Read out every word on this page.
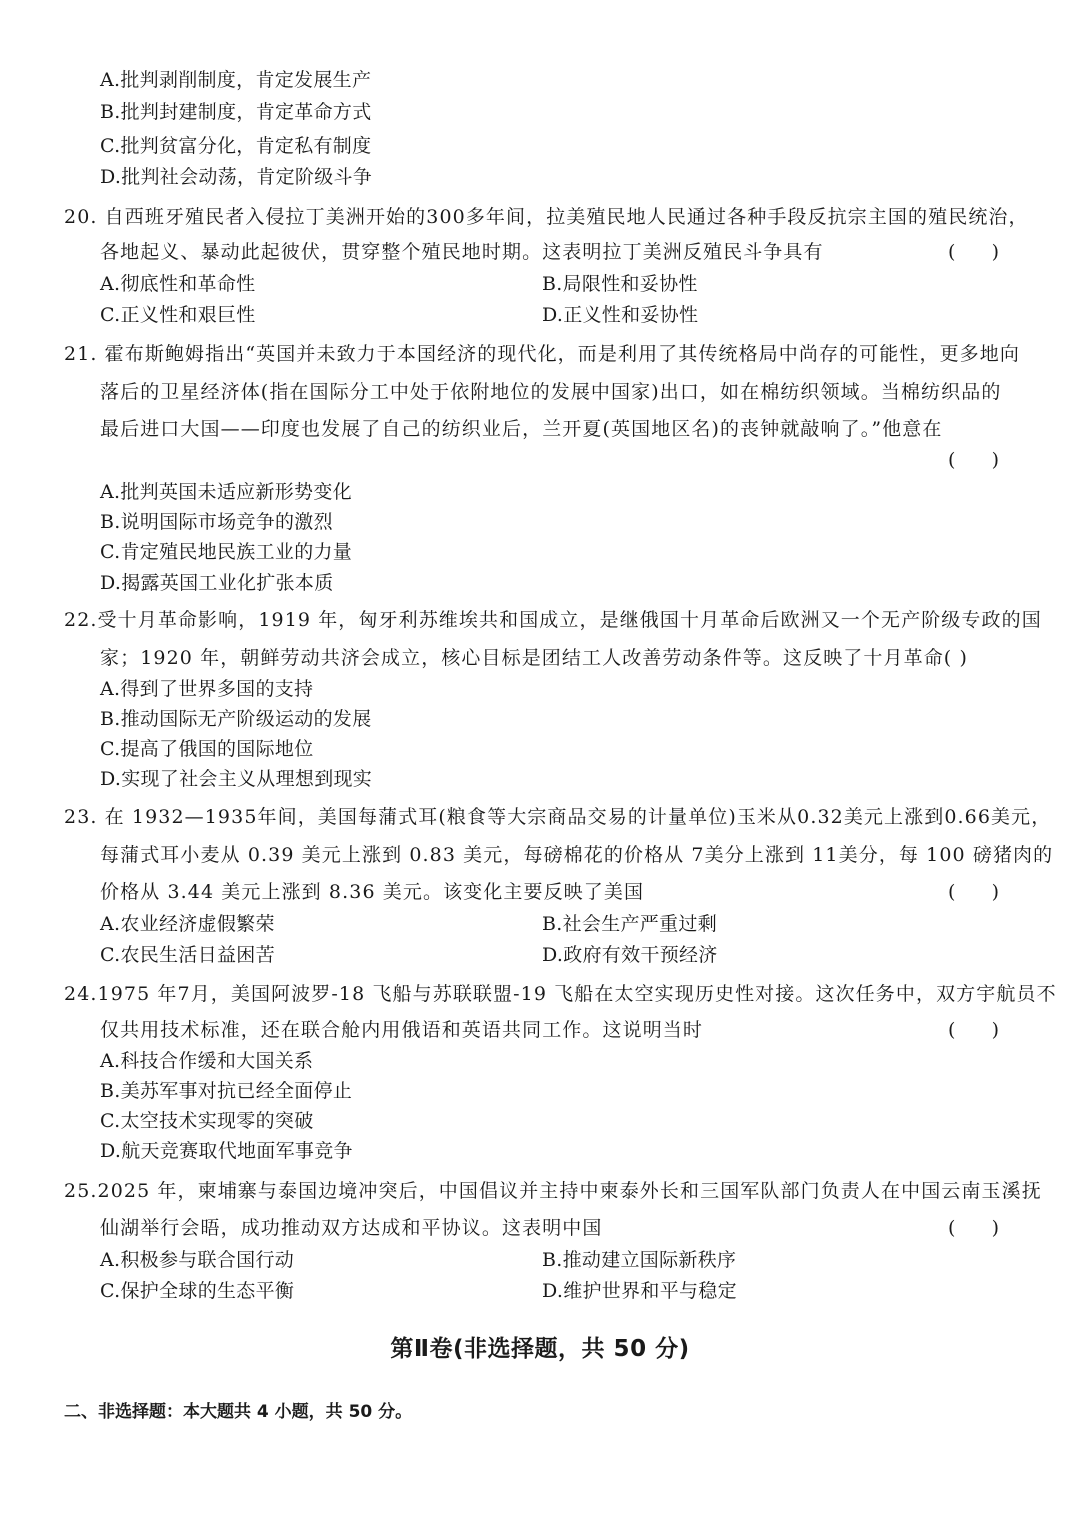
A.批判剥削制度，肯定发展生产
B.批判封建制度，肯定革命方式
C.批判贫富分化，肯定私有制度
D.批判社会动荡，肯定阶级斗争
20. 自西班牙殖民者入侵拉丁美洲开始的300多年间，拉美殖民地人民通过各种手段反抗宗主国的殖民统治，
各地起义、暴动此起彼伏，贯穿整个殖民地时期。这表明拉丁美洲反殖民斗争具有	(      )
A.彻底性和革命性	B.局限性和妥协性
C.正义性和艰巨性	D.正义性和妥协性
21. 霍布斯鲍姆指出“英国并未致力于本国经济的现代化，而是利用了其传统格局中尚存的可能性，更多地向
落后的卫星经济体(指在国际分工中处于依附地位的发展中国家)出口，如在棉纺织领域。当棉纺织品的
最后进口大国——印度也发展了自己的纺织业后，兰开夏(英国地区名)的丧钟就敲响了。”他意在
(      )
A.批判英国未适应新形势变化
B.说明国际市场竞争的激烈
C.肯定殖民地民族工业的力量
D.揭露英国工业化扩张本质
22.受十月革命影响，1919 年，匈牙利苏维埃共和国成立，是继俄国十月革命后欧洲又一个无产阶级专政的国
家；1920 年，朝鲜劳动共济会成立，核心目标是团结工人改善劳动条件等。这反映了十月革命( )
A.得到了世界多国的支持
B.推动国际无产阶级运动的发展
C.提高了俄国的国际地位
D.实现了社会主义从理想到现实
23. 在 1932—1935年间，美国每蒲式耳(粮食等大宗商品交易的计量单位)玉米从0.32美元上涨到0.66美元，
每蒲式耳小麦从 0.39 美元上涨到 0.83 美元，每磅棉花的价格从 7美分上涨到 11美分，每 100 磅猪肉的
价格从 3.44 美元上涨到 8.36 美元。该变化主要反映了美国	(      )
A.农业经济虚假繁荣	B.社会生产严重过剩
C.农民生活日益困苦	D.政府有效干预经济
24.1975 年7月，美国阿波罗-18 飞船与苏联联盟-19 飞船在太空实现历史性对接。这次任务中，双方宇航员不
仅共用技术标准，还在联合舱内用俄语和英语共同工作。这说明当时	(      )
A.科技合作缓和大国关系
B.美苏军事对抗已经全面停止
C.太空技术实现零的突破
D.航天竞赛取代地面军事竞争
25.2025 年，柬埔寨与泰国边境冲突后，中国倡议并主持中柬泰外长和三国军队部门负责人在中国云南玉溪抚
仙湖举行会晤，成功推动双方达成和平协议。这表明中国	(      )
A.积极参与联合国行动	B.推动建立国际新秩序
C.保护全球的生态平衡	D.维护世界和平与稳定
第Ⅱ卷(非选择题，共 50 分)
二、非选择题：本大题共 4 小题，共 50 分。
